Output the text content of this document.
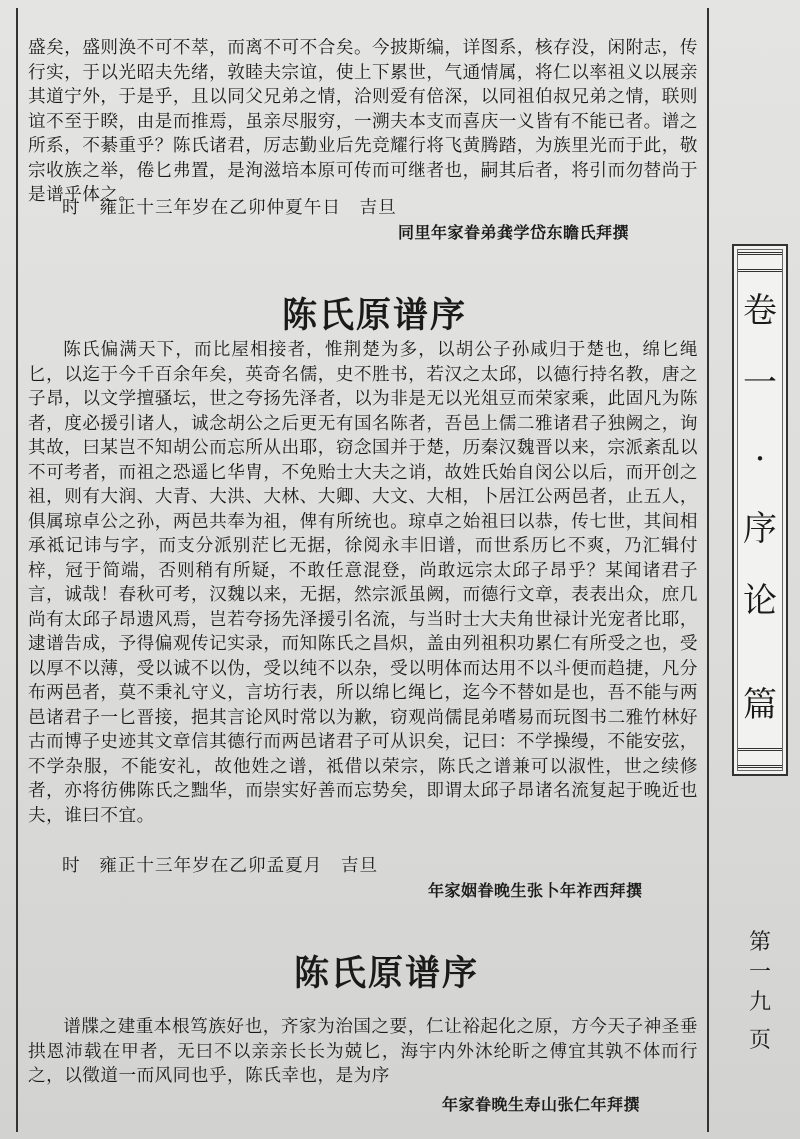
盛矣，盛则涣不可不萃，而离不可不合矣。今披斯编，详图系，核存没，闲附志，传行实，于以光昭夫先绪，敦睦夫宗谊，使上下累世，气通情属，将仁以率祖义以展亲其道宁外，于是乎，且以同父兄弟之情，洽则爱有倍深，以同祖伯叔兄弟之情，联则谊不至于睽，由是而推焉，虽亲尽服穷，一溯夫本支而喜庆一义皆有不能已者。谱之所系，不綦重乎？陈氏诸君，厉志勤业后先竞耀行将飞黄腾踏，为族里光而于此，敬宗收族之举，倦匕弗置，是洵滋培本原可传而可继者也，嗣其后者，将引而勿替尚于是谱乎体之。

时　雍正十三年岁在乙卯仲夏午日　吉旦

同里年家眷弟龚学岱东瞻氏拜撰

陈氏原谱序

陈氏偏满天下，而比屋相接者，惟荆楚为多，以胡公子孙咸归于楚也，绵匕绳匕，以迄于今千百余年矣，英奇名儒，史不胜书，若汉之太邱，以德行持名教，唐之子昂，以文学擅骚坛，世之夸扬先泽者，以为非是无以光俎豆而荣家乘，此固凡为陈者，度必援引诸人，诚念胡公之后更无有国名陈者，吾邑上儒二雅诸君子独阙之，询其故，曰某岂不知胡公而忘所从出耶，窃念国并于楚，历秦汉魏晋以来，宗派紊乱以不可考者，而祖之恐遥匕华胄，不免贻士大夫之诮，故姓氏始自闵公以后，而开创之祖，则有大润、大青、大洪、大林、大卿、大文、大相，卜居江公两邑者，止五人，俱属琼卓公之孙，两邑共奉为祖，俾有所统也。琼卓之始祖曰以恭，传七世，其间相承祗记讳与字，而支分派别茫匕无据，徐阅永丰旧谱，而世系历匕不爽，乃汇辑付梓，冠于简端，否则稍有所疑，不敢任意混登，尚敢远宗太邱子昂乎？某闻诸君子言，诚哉！春秋可考，汉魏以来，无据，然宗派虽阙，而德行文章，表表出众，庶几尚有太邱子昂遗风焉，岂若夸扬先泽援引名流，与当时士大夫角世禄计光宠者比耶，逮谱告成，予得偏观传记实录，而知陈氏之昌炽，盖由列祖积功累仁有所受之也，受以厚不以薄，受以诚不以伪，受以纯不以杂，受以明体而达用不以斗便而趋捷，凡分布两邑者，莫不秉礼守义，言坊行表，所以绵匕绳匕，迄今不替如是也，吾不能与两邑诸君子一匕晋接，挹其言论风时常以为歉，窃观尚儒昆弟嗜易而玩图书二雅竹林好古而博子史迹其文章信其德行而两邑诸君子可从识矣，记曰：不学操缦，不能安弦，不学杂服，不能安礼，故他姓之谱，祗借以荣宗，陈氏之谱兼可以淑性，世之续修者，亦将彷佛陈氏之黜华，而崇实好善而忘势矣，即谓太邱子昂诸名流复起于晚近也夫，谁曰不宜。

时　雍正十三年岁在乙卯孟夏月　吉旦

年家姻眷晚生张卜年祚西拜撰

陈氏原谱序

谱牒之建重本根笃族好也，齐家为治国之要，仁让裕起化之原，方今天子神圣垂拱恩沛载在甲者，无曰不以亲亲长长为兢匕，海宇内外沐纶盺之傅宜其孰不体而行之，以徵道一而风同也乎，陈氏幸也，是为序

年家眷晚生寿山张仁年拜撰

卷
一
·
序
论
篇
第
一
九
页
